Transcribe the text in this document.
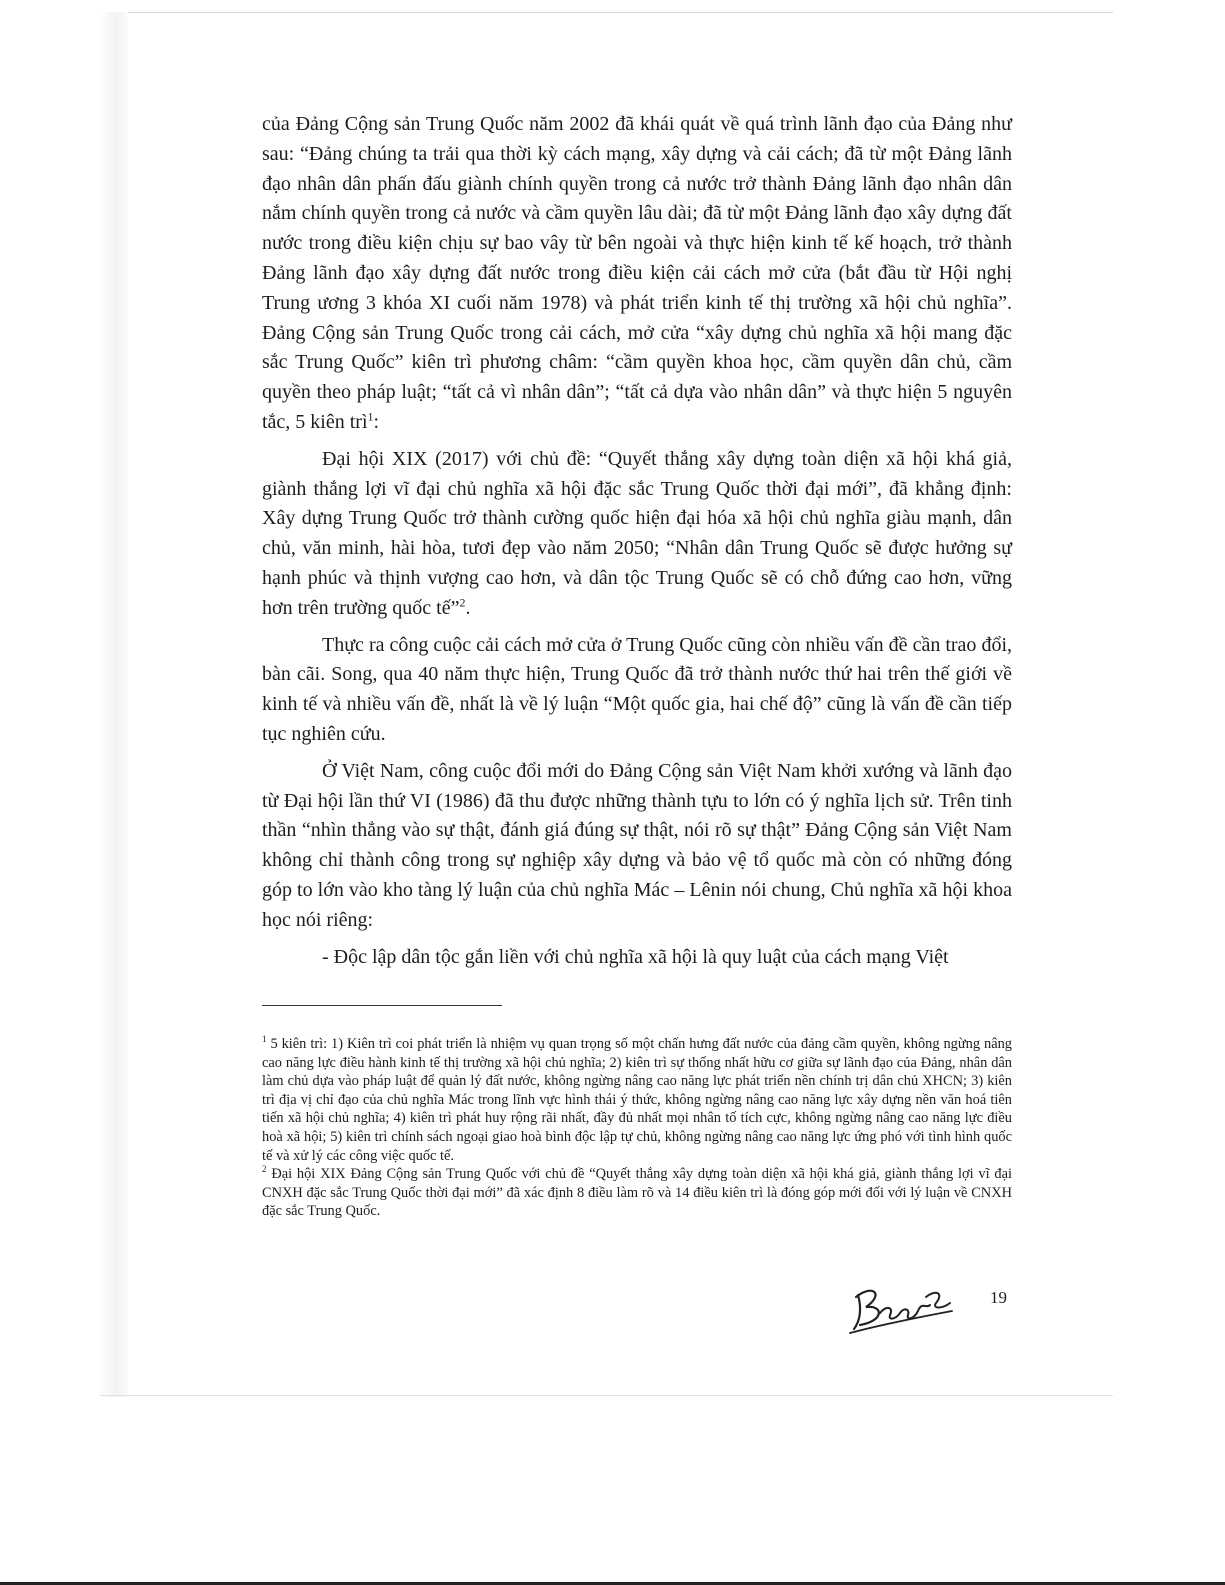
của Đảng Cộng sản Trung Quốc năm 2002 đã khái quát về quá trình lãnh đạo của Đảng như sau: “Đảng chúng ta trải qua thời kỳ cách mạng, xây dựng và cải cách; đã từ một Đảng lãnh đạo nhân dân phấn đấu giành chính quyền trong cả nước trở thành Đảng lãnh đạo nhân dân nắm chính quyền trong cả nước và cầm quyền lâu dài; đã từ một Đảng lãnh đạo xây dựng đất nước trong điều kiện chịu sự bao vây từ bên ngoài và thực hiện kinh tế kế hoạch, trở thành Đảng lãnh đạo xây dựng đất nước trong điều kiện cải cách mở cửa (bắt đầu từ Hội nghị Trung ương 3 khóa XI cuối năm 1978) và phát triển kinh tế thị trường xã hội chủ nghĩa”. Đảng Cộng sản Trung Quốc trong cải cách, mở cửa “xây dựng chủ nghĩa xã hội mang đặc sắc Trung Quốc” kiên trì phương châm: “cầm quyền khoa học, cầm quyền dân chủ, cầm quyền theo pháp luật; “tất cả vì nhân dân”; “tất cả dựa vào nhân dân” và thực hiện 5 nguyên tắc, 5 kiên trì$^1$:

Đại hội XIX (2017) với chủ đề: “Quyết thắng xây dựng toàn diện xã hội khá giả, giành thắng lợi vĩ đại chủ nghĩa xã hội đặc sắc Trung Quốc thời đại mới”, đã khẳng định: Xây dựng Trung Quốc trở thành cường quốc hiện đại hóa xã hội chủ nghĩa giàu mạnh, dân chủ, văn minh, hài hòa, tươi đẹp vào năm 2050; “Nhân dân Trung Quốc sẽ được hưởng sự hạnh phúc và thịnh vượng cao hơn, và dân tộc Trung Quốc sẽ có chỗ đứng cao hơn, vững hơn trên trường quốc tế”$^2$.

Thực ra công cuộc cải cách mở cửa ở Trung Quốc cũng còn nhiều vấn đề cần trao đổi, bàn cãi. Song, qua 40 năm thực hiện, Trung Quốc đã trở thành nước thứ hai trên thế giới về kinh tế và nhiều vấn đề, nhất là về lý luận “Một quốc gia, hai chế độ” cũng là vấn đề cần tiếp tục nghiên cứu.

Ở Việt Nam, công cuộc đổi mới do Đảng Cộng sản Việt Nam khởi xướng và lãnh đạo từ Đại hội lần thứ VI (1986) đã thu được những thành tựu to lớn có ý nghĩa lịch sử. Trên tinh thần “nhìn thẳng vào sự thật, đánh giá đúng sự thật, nói rõ sự thật” Đảng Cộng sản Việt Nam không chỉ thành công trong sự nghiệp xây dựng và bảo vệ tổ quốc mà còn có những đóng góp to lớn vào kho tàng lý luận của chủ nghĩa Mác – Lênin nói chung, Chủ nghĩa xã hội khoa học nói riêng:

- Độc lập dân tộc gắn liền với chủ nghĩa xã hội là quy luật của cách mạng Việt

$^1$ 5 kiên trì: 1) Kiên trì coi phát triển là nhiệm vụ quan trọng số một chấn hưng đất nước của đảng cầm quyền, không ngừng nâng cao năng lực điều hành kinh tế thị trường xã hội chủ nghĩa; 2) kiên trì sự thống nhất hữu cơ giữa sự lãnh đạo của Đảng, nhân dân làm chủ dựa vào pháp luật để quản lý đất nước, không ngừng nâng cao năng lực phát triển nền chính trị dân chủ XHCN; 3) kiên trì địa vị chỉ đạo của chủ nghĩa Mác trong lĩnh vực hình thái ý thức, không ngừng nâng cao năng lực xây dựng nền văn hoá tiên tiến xã hội chủ nghĩa; 4) kiên trì phát huy rộng rãi nhất, đầy đủ nhất mọi nhân tố tích cực, không ngừng nâng cao năng lực điều hoà xã hội; 5) kiên trì chính sách ngoại giao hoà bình độc lập tự chủ, không ngừng nâng cao năng lực ứng phó với tình hình quốc tế và xử lý các công việc quốc tế.

$^2$ Đại hội XIX Đảng Cộng sản Trung Quốc với chủ đề “Quyết thắng xây dựng toàn diện xã hội khá giả, giành thắng lợi vĩ đại CNXH đặc sắc Trung Quốc thời đại mới” đã xác định 8 điều làm rõ và 14 điều kiên trì là đóng góp mới đối với lý luận về CNXH đặc sắc Trung Quốc.

19
